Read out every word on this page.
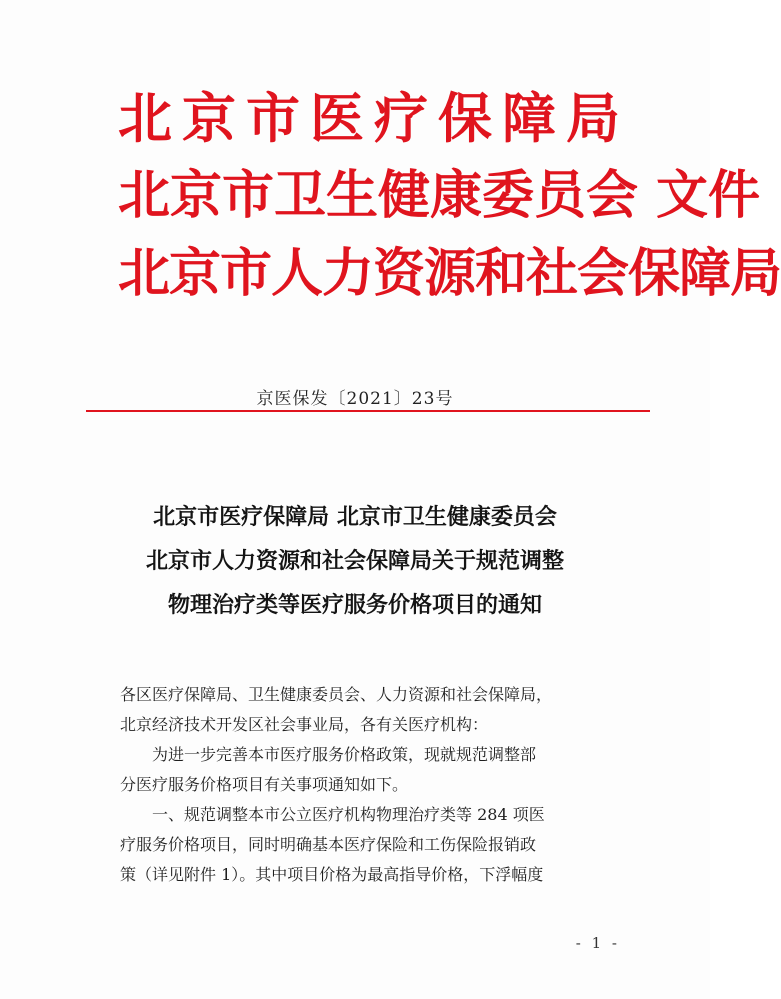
北京市医疗保障局
北京市卫生健康委员会 文件
北京市人力资源和社会保障局
京医保发〔2021〕23号
北京市医疗保障局 北京市卫生健康委员会
北京市人力资源和社会保障局关于规范调整
物理治疗类等医疗服务价格项目的通知

各区医疗保障局、卫生健康委员会、人力资源和社会保障局，

北京经济技术开发区社会事业局，各有关医疗机构：

为进一步完善本市医疗服务价格政策，现就规范调整部

分医疗服务价格项目有关事项通知如下。

一、规范调整本市公立医疗机构物理治疗类等 284 项医

疗服务价格项目，同时明确基本医疗保险和工伤保险报销政

策（详见附件 1）。其中项目价格为最高指导价格，下浮幅度

- 1 -
